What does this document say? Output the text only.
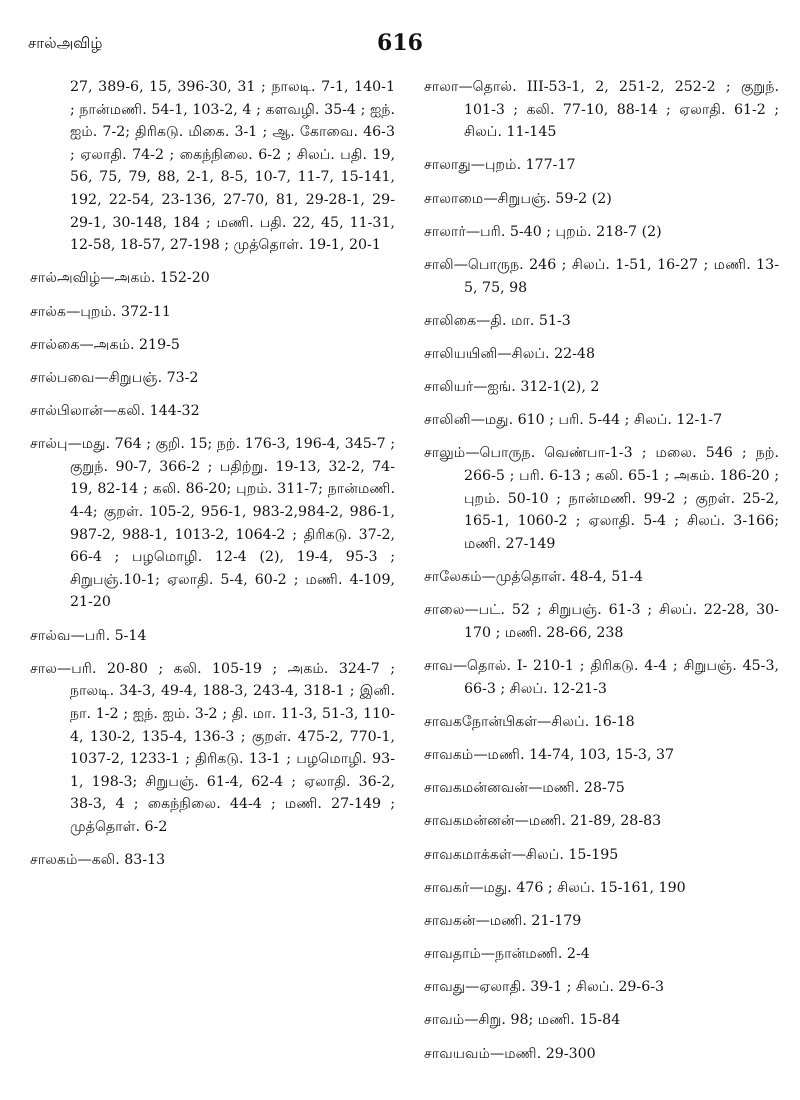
சால்அவிழ்	616
27, 389-6, 15, 396-30, 31 ; நாலடி. 7-1, 140-1 ; நான்மணி. 54-1, 103-2, 4 ; களவழி. 35-4 ; ஐந். ஐம். 7-2; திரிகடு. மிகை. 3-1 ; ஆ. கோவை. 46-3 ; ஏலாதி. 74-2 ; கைந்நிலை. 6-2 ; சிலப். பதி. 19, 56, 75, 79, 88, 2-1, 8-5, 10-7, 11-7, 15-141, 192, 22-54, 23-136, 27-70, 81, 29-28-1, 29-29-1, 30-148, 184 ; மணி. பதி. 22, 45, 11-31, 12-58, 18-57, 27-198 ; முத்தொள். 19-1, 20-1
சால்அவிழ்—அகம். 152-20
சால்க—புறம். 372-11
சால்கை—அகம். 219-5
சால்பவை—சிறுபஞ். 73-2
சால்பிலான்—கலி. 144-32
சால்பு—மது. 764 ; குறி. 15; நற். 176-3, 196-4, 345-7 ; குறுந். 90-7, 366-2 ; பதிற்று. 19-13, 32-2, 74-19, 82-14 ; கலி. 86-20; புறம். 311-7; நான்மணி. 4-4; குறள். 105-2, 956-1, 983-2,984-2, 986-1, 987-2, 988-1, 1013-2, 1064-2 ; திரிகடு. 37-2, 66-4 ; பழமொழி. 12-4 (2), 19-4, 95-3 ; சிறுபஞ்.10-1; ஏலாதி. 5-4, 60-2 ; மணி. 4-109, 21-20
சால்வ—பரி. 5-14
சால—பரி. 20-80 ; கலி. 105-19 ; அகம். 324-7 ; நாலடி. 34-3, 49-4, 188-3, 243-4, 318-1 ; இனி. நா. 1-2 ; ஐந். ஐம். 3-2 ; தி. மா. 11-3, 51-3, 110-4, 130-2, 135-4, 136-3 ; குறள். 475-2, 770-1, 1037-2, 1233-1 ; திரிகடு. 13-1 ; பழமொழி. 93-1, 198-3; சிறுபஞ். 61-4, 62-4 ; ஏலாதி. 36-2, 38-3, 4 ; கைந்நிலை. 44-4 ; மணி. 27-149 ; முத்தொள். 6-2
சாலகம்—கலி. 83-13
சாலா—தொல். III-53-1, 2, 251-2, 252-2 ; குறுந். 101-3 ; கலி. 77-10, 88-14 ; ஏலாதி. 61-2 ; சிலப். 11-145
சாலாது—புறம். 177-17
சாலாமை—சிறுபஞ். 59-2 (2)
சாலார்—பரி. 5-40 ; புறம். 218-7 (2)
சாலி—பொருந. 246 ; சிலப். 1-51, 16-27 ; மணி. 13-5, 75, 98
சாலிகை—தி. மா. 51-3
சாலியயினி—சிலப். 22-48
சாலியர்—ஐங். 312-1(2), 2
சாலினி—மது. 610 ; பரி. 5-44 ; சிலப். 12-1-7
சாலும்—பொருந. வெண்பா-1-3 ; மலை. 546 ; நற். 266-5 ; பரி. 6-13 ; கலி. 65-1 ; அகம். 186-20 ; புறம். 50-10 ; நான்மணி. 99-2 ; குறள். 25-2, 165-1, 1060-2 ; ஏலாதி. 5-4 ; சிலப். 3-166; மணி. 27-149
சாலேகம்—முத்தொள். 48-4, 51-4
சாலை—பட். 52 ; சிறுபஞ். 61-3 ; சிலப். 22-28, 30-170 ; மணி. 28-66, 238
சாவ—தொல். I- 210-1 ; திரிகடு. 4-4 ; சிறுபஞ். 45-3, 66-3 ; சிலப். 12-21-3
சாவகநோன்பிகள்—சிலப். 16-18
சாவகம்—மணி. 14-74, 103, 15-3, 37
சாவகமன்னவன்—மணி. 28-75
சாவகமன்னன்—மணி. 21-89, 28-83
சாவகமாக்கள்—சிலப். 15-195
சாவகர்—மது. 476 ; சிலப். 15-161, 190
சாவகன்—மணி. 21-179
சாவதாம்—நான்மணி. 2-4
சாவது—ஏலாதி. 39-1 ; சிலப். 29-6-3
சாவம்—சிறு. 98; மணி. 15-84
சாவயவம்—மணி. 29-300
